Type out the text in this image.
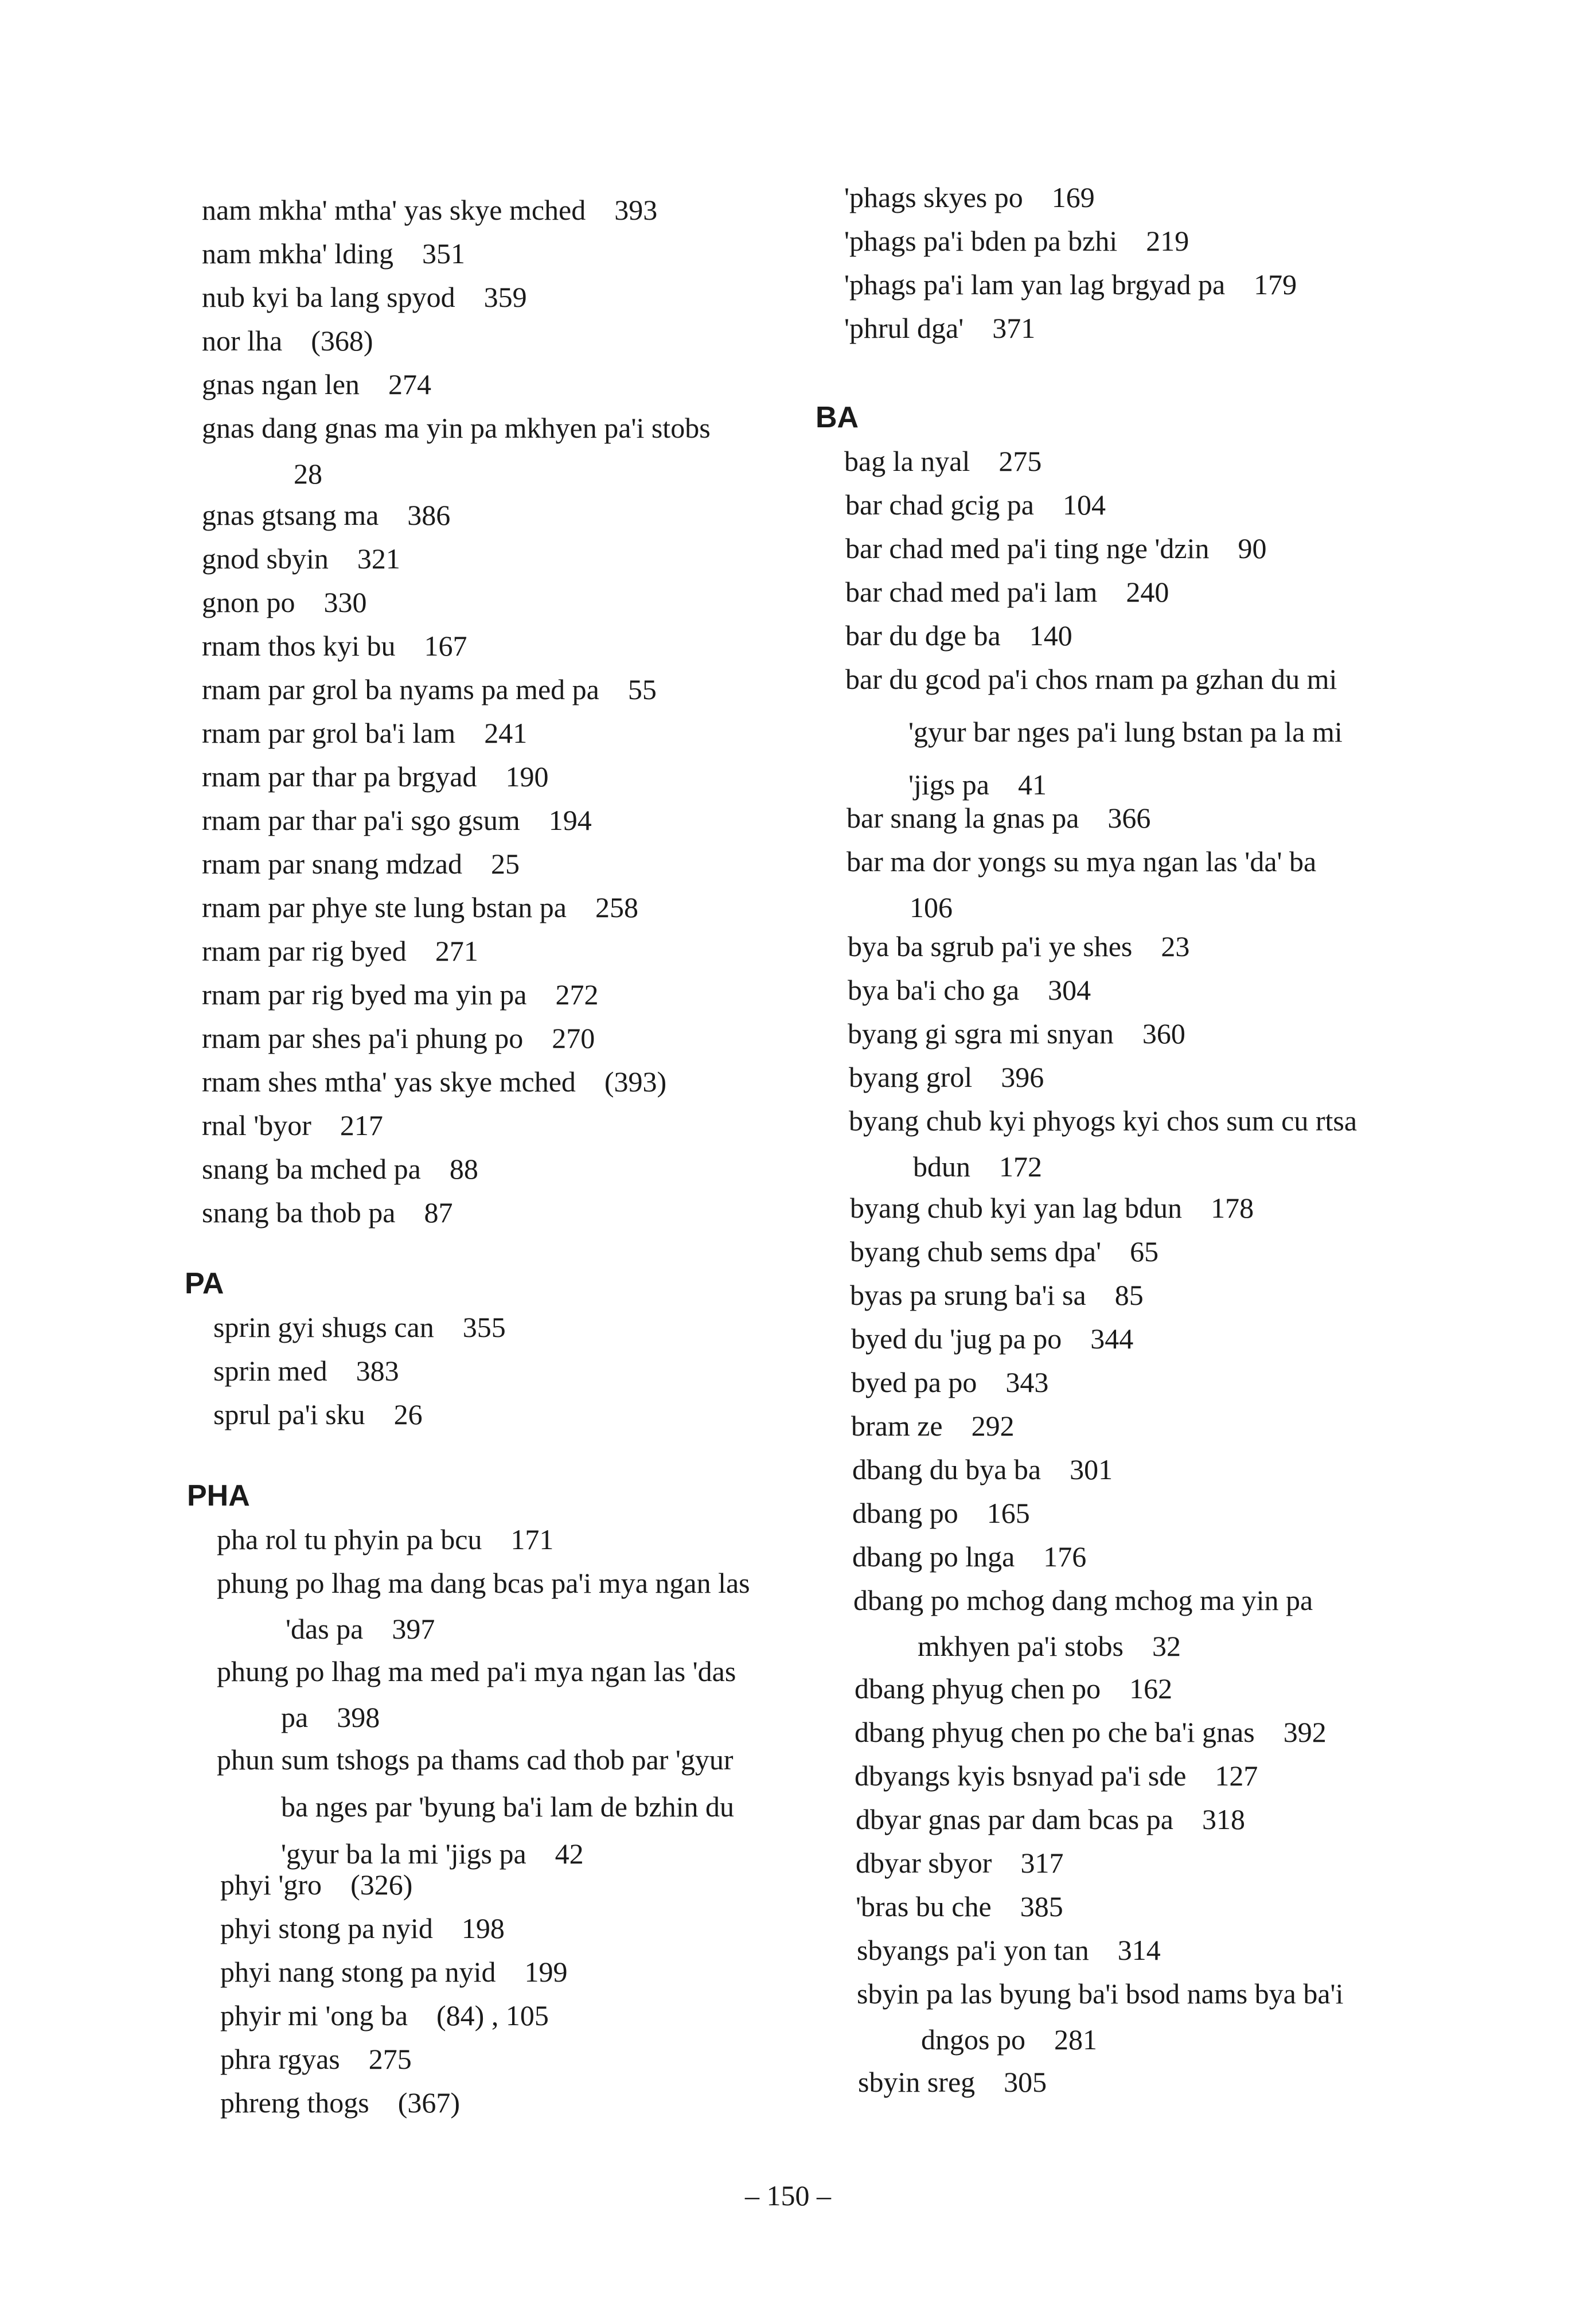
nam mkha' mtha' yas skye mched 393
nam mkha' lding 351
nub kyi ba lang spyod 359
nor lha (368)
gnas ngan len 274
gnas dang gnas ma yin pa mkhyen pa'i stobs
28
gnas gtsang ma 386
gnod sbyin 321
gnon po 330
rnam thos kyi bu 167
rnam par grol ba nyams pa med pa 55
rnam par grol ba'i lam 241
rnam par thar pa brgyad 190
rnam par thar pa'i sgo gsum 194
rnam par snang mdzad 25
rnam par phye ste lung bstan pa 258
rnam par rig byed 271
rnam par rig byed ma yin pa 272
rnam par shes pa'i phung po 270
rnam shes mtha' yas skye mched (393)
rnal 'byor 217
snang ba mched pa 88
snang ba thob pa 87
PA
sprin gyi shugs can 355
sprin med 383
sprul pa'i sku 26
PHA
pha rol tu phyin pa bcu 171
phung po lhag ma dang bcas pa'i mya ngan las
'das pa 397
phung po lhag ma med pa'i mya ngan las 'das
pa 398
phun sum tshogs pa thams cad thob par 'gyur
ba nges par 'byung ba'i lam de bzhin du
'gyur ba la mi 'jigs pa 42
phyi 'gro (326)
phyi stong pa nyid 198
phyi nang stong pa nyid 199
phyir mi 'ong ba (84) , 105
phra rgyas 275
phreng thogs (367)
'phags skyes po 169
'phags pa'i bden pa bzhi 219
'phags pa'i lam yan lag brgyad pa 179
'phrul dga' 371
BA
bag la nyal 275
bar chad gcig pa 104
bar chad med pa'i ting nge 'dzin 90
bar chad med pa'i lam 240
bar du dge ba 140
bar du gcod pa'i chos rnam pa gzhan du mi
'gyur bar nges pa'i lung bstan pa la mi
'jigs pa 41
bar snang la gnas pa 366
bar ma dor yongs su mya ngan las 'da' ba
106
bya ba sgrub pa'i ye shes 23
bya ba'i cho ga 304
byang gi sgra mi snyan 360
byang grol 396
byang chub kyi phyogs kyi chos sum cu rtsa
bdun 172
byang chub kyi yan lag bdun 178
byang chub sems dpa' 65
byas pa srung ba'i sa 85
byed du 'jug pa po 344
byed pa po 343
bram ze 292
dbang du bya ba 301
dbang po 165
dbang po lnga 176
dbang po mchog dang mchog ma yin pa
mkhyen pa'i stobs 32
dbang phyug chen po 162
dbang phyug chen po che ba'i gnas 392
dbyangs kyis bsnyad pa'i sde 127
dbyar gnas par dam bcas pa 318
dbyar sbyor 317
'bras bu che 385
sbyangs pa'i yon tan 314
sbyin pa las byung ba'i bsod nams bya ba'i
dngos po 281
sbyin sreg 305
– 150 –
